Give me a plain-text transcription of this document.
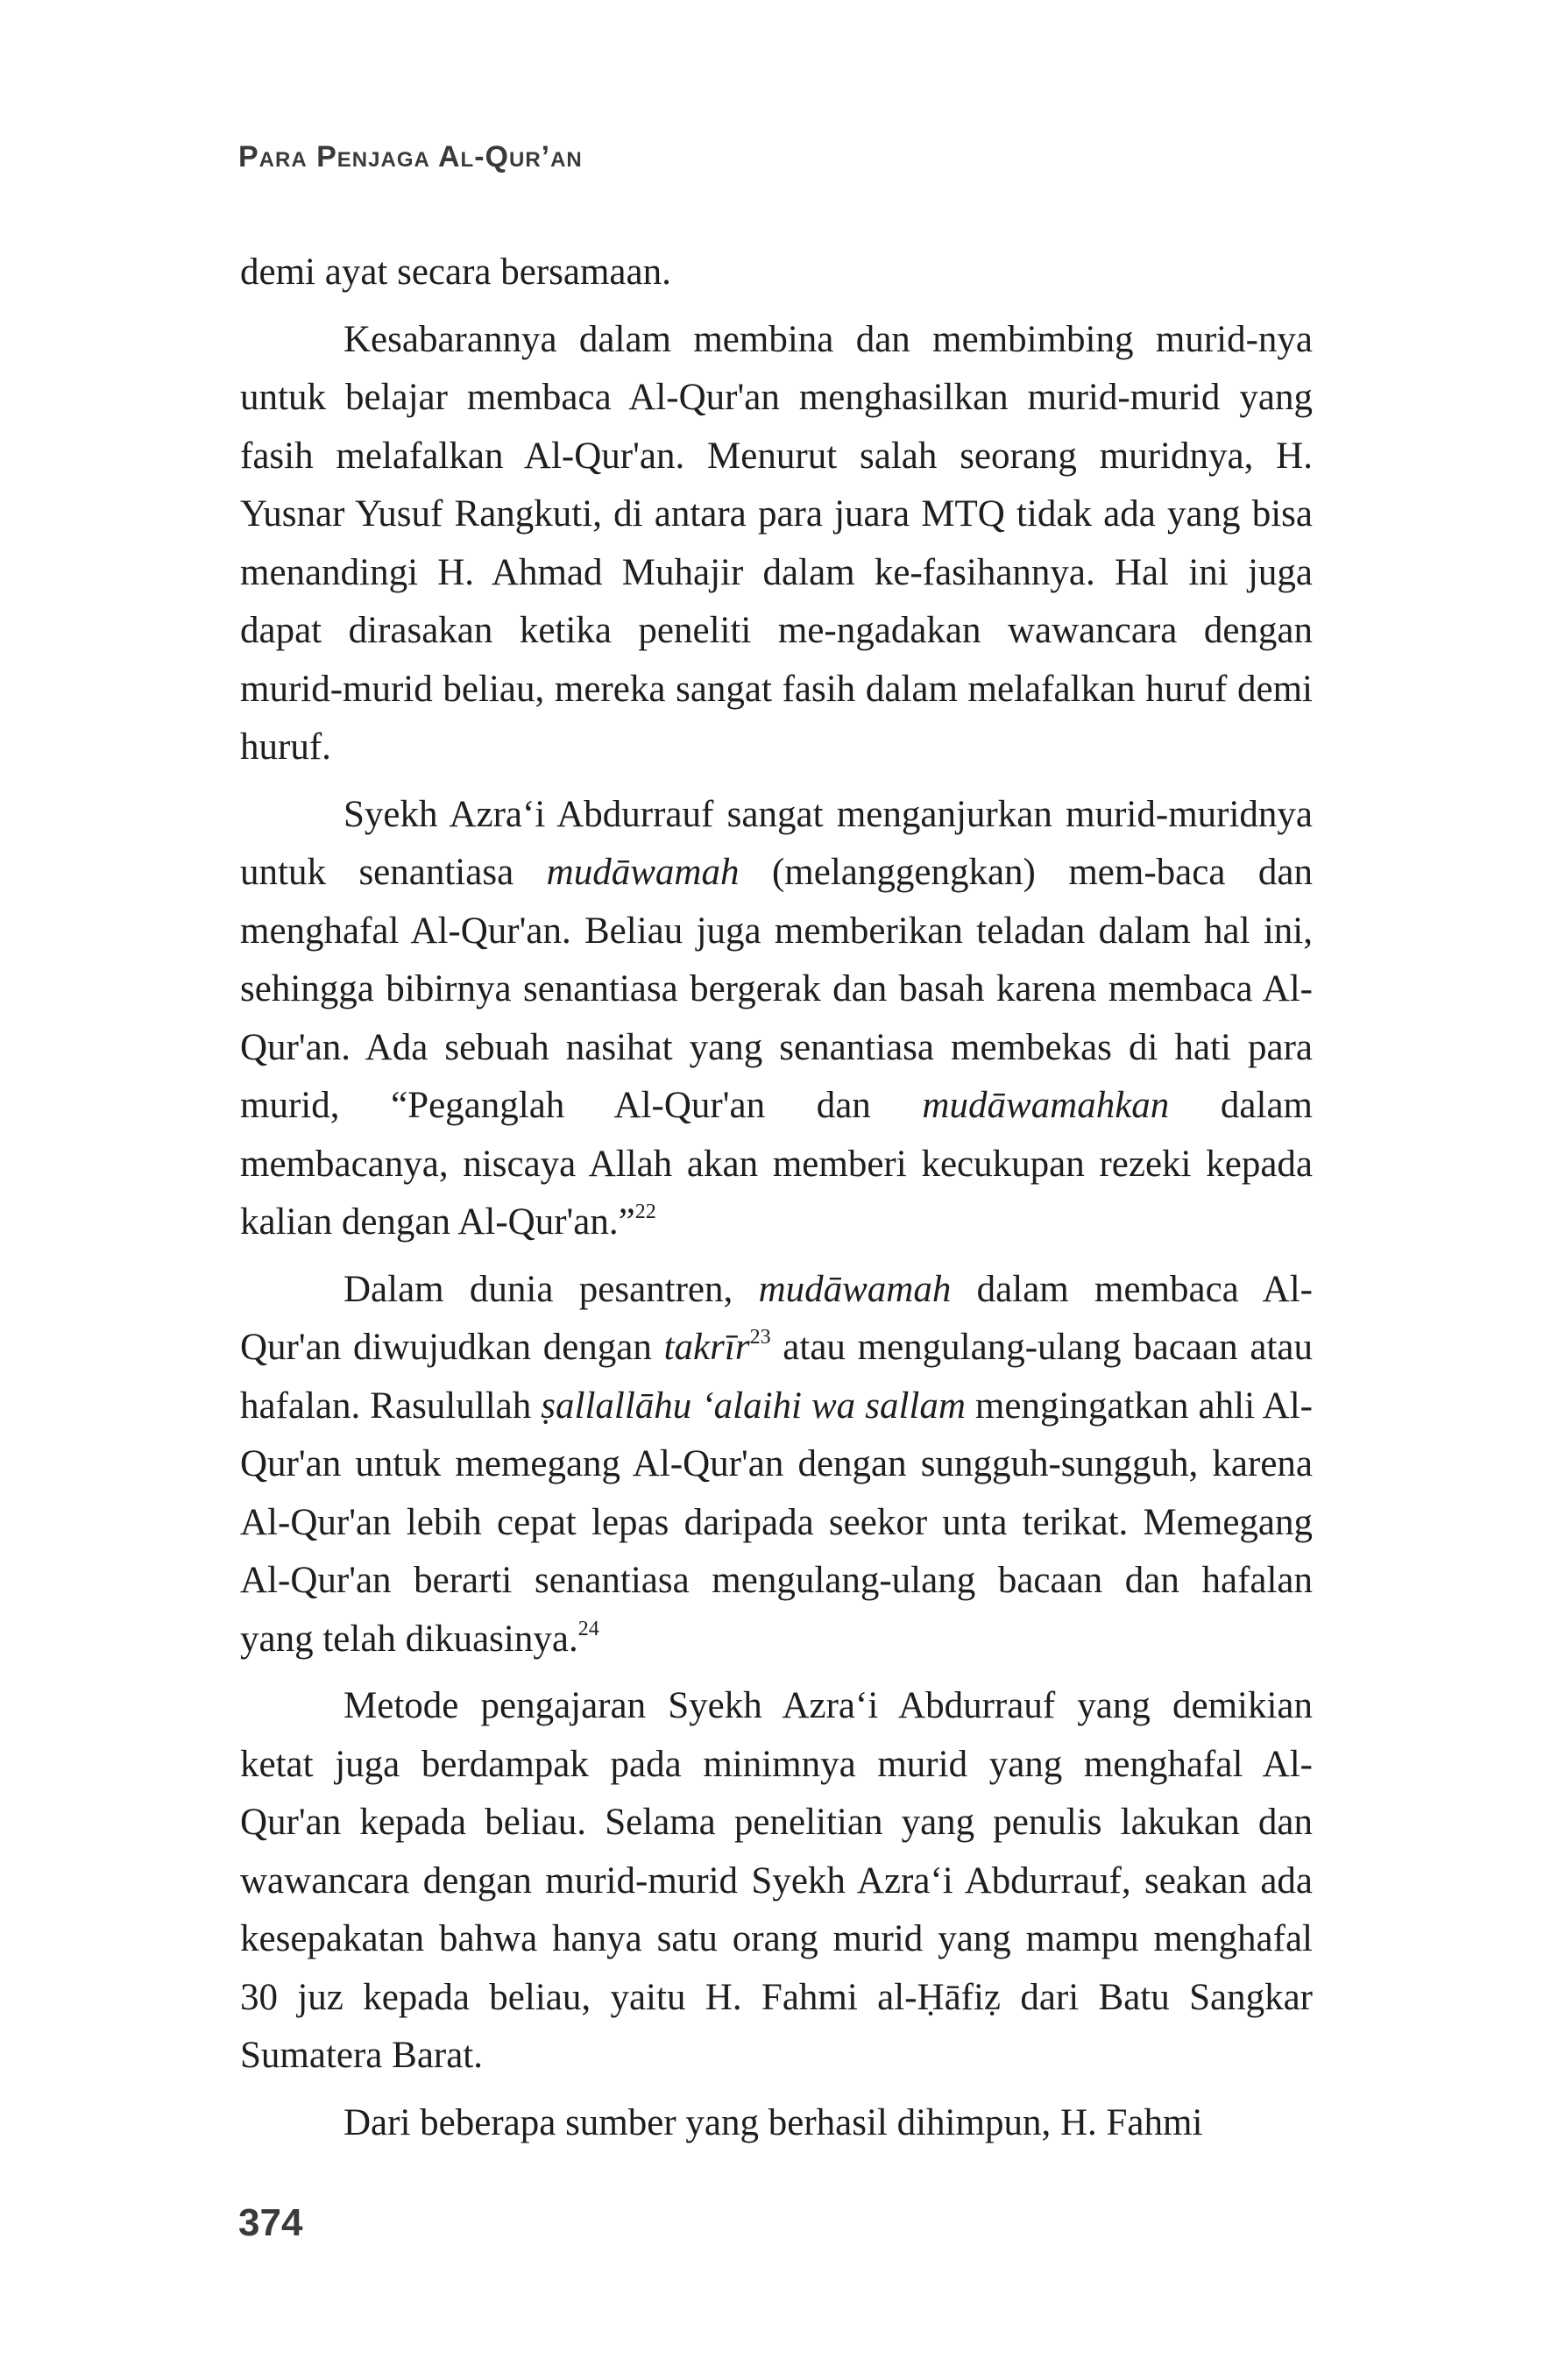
Para Penjaga Al-Qur’an

demi ayat secara bersamaan.

Kesabarannya dalam membina dan membimbing murid-nya untuk belajar membaca Al-Qur'an menghasilkan murid-murid yang fasih melafalkan Al-Qur'an. Menurut salah seorang muridnya, H. Yusnar Yusuf Rangkuti, di antara para juara MTQ tidak ada yang bisa menandingi H. Ahmad Muhajir dalam ke-fasihannya. Hal ini juga dapat dirasakan ketika peneliti me-ngadakan wawancara dengan murid-murid beliau, mereka sangat fasih dalam melafalkan huruf demi huruf.

Syekh Azra‘i Abdurrauf sangat menganjurkan murid-muridnya untuk senantiasa mudāwamah (melanggengkan) mem-baca dan menghafal Al-Qur'an. Beliau juga memberikan teladan dalam hal ini, sehingga bibirnya senantiasa bergerak dan basah karena membaca Al-Qur'an. Ada sebuah nasihat yang senantiasa membekas di hati para murid, “Peganglah Al-Qur'an dan mudāwamahkan dalam membacanya, niscaya Allah akan memberi kecukupan rezeki kepada kalian dengan Al-Qur'an.”$^{22}$

Dalam dunia pesantren, mudāwamah dalam membaca Al-Qur'an diwujudkan dengan takrīr$^{23}$ atau mengulang-ulang bacaan atau hafalan. Rasulullah ṣallallāhu ‘alaihi wa sallam mengingatkan ahli Al-Qur'an untuk memegang Al-Qur'an dengan sungguh-sungguh, karena Al-Qur'an lebih cepat lepas daripada seekor unta terikat. Memegang Al-Qur'an berarti senantiasa mengulang-ulang bacaan dan hafalan yang telah dikuasinya.$^{24}$

Metode pengajaran Syekh Azra‘i Abdurrauf yang demikian ketat juga berdampak pada minimnya murid yang menghafal Al-Qur'an kepada beliau. Selama penelitian yang penulis lakukan dan wawancara dengan murid-murid Syekh Azra‘i Abdurrauf, seakan ada kesepakatan bahwa hanya satu orang murid yang mampu menghafal 30 juz kepada beliau, yaitu H. Fahmi al-Ḥāfiẓ dari Batu Sangkar Sumatera Barat.

Dari beberapa sumber yang berhasil dihimpun, H. Fahmi

374
